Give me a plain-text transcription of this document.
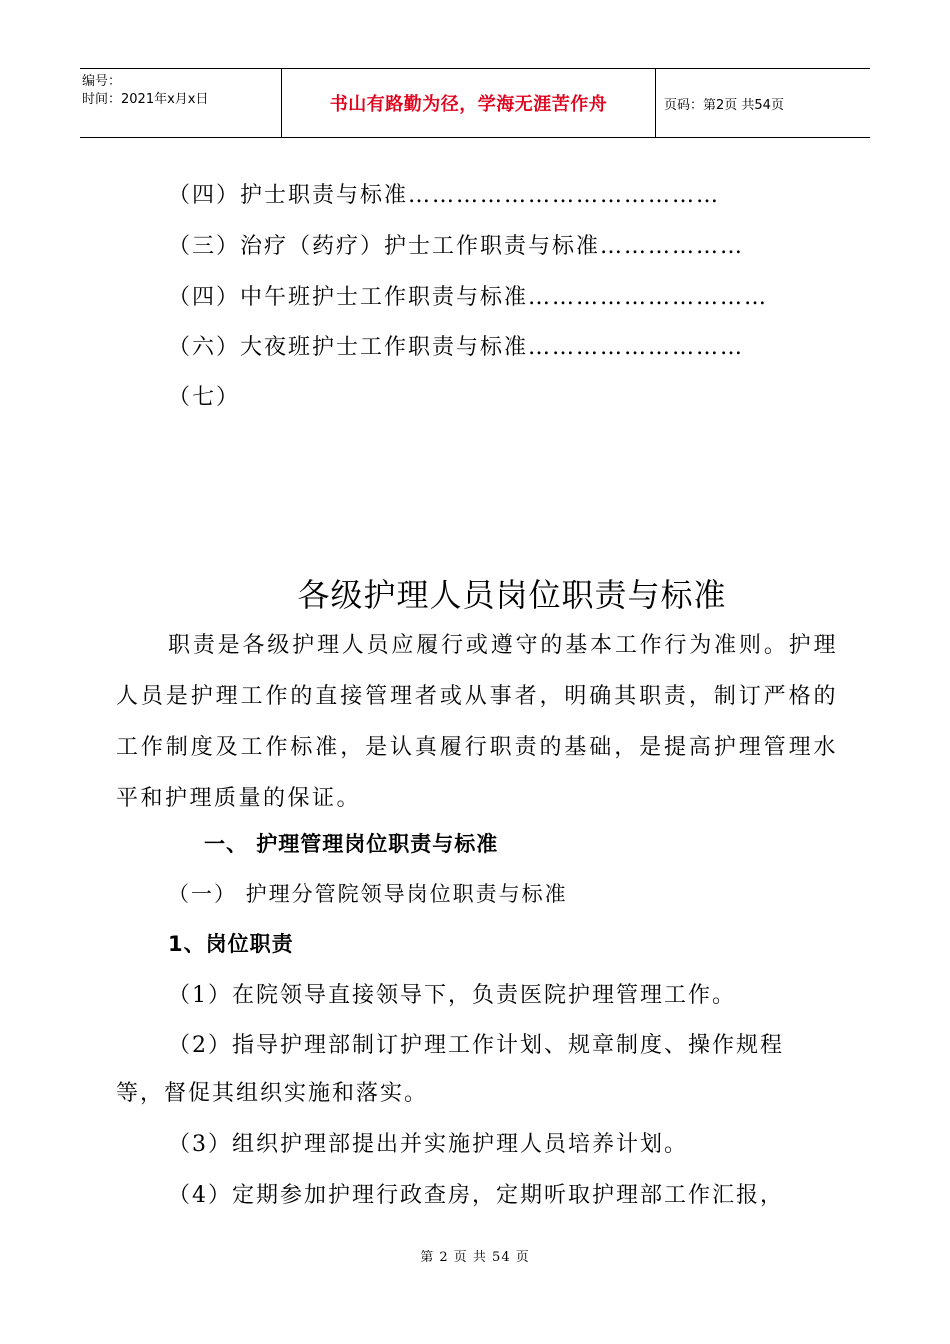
编号：
时间：2021年x月x日	书山有路勤为径，学海无涯苦作舟	页码：第2页 共54页
（四）护士职责与标准…………………………………
（三）治疗（药疗）护士工作职责与标准………………
（四）中午班护士工作职责与标准…………………………
（六）大夜班护士工作职责与标准………………………
（七）
各级护理人员岗位职责与标准
职责是各级护理人员应履行或遵守的基本工作行为准则。护理人员是护理工作的直接管理者或从事者，明确其职责，制订严格的工作制度及工作标准，是认真履行职责的基础，是提高护理管理水平和护理质量的保证。
一、 护理管理岗位职责与标准
（一） 护理分管院领导岗位职责与标准
1、岗位职责
（1）在院领导直接领导下，负责医院护理管理工作。
（2）指导护理部制订护理工作计划、规章制度、操作规程
等，督促其组织实施和落实。
（3）组织护理部提出并实施护理人员培养计划。
（4）定期参加护理行政查房，定期听取护理部工作汇报，
第 2 页 共 54 页
